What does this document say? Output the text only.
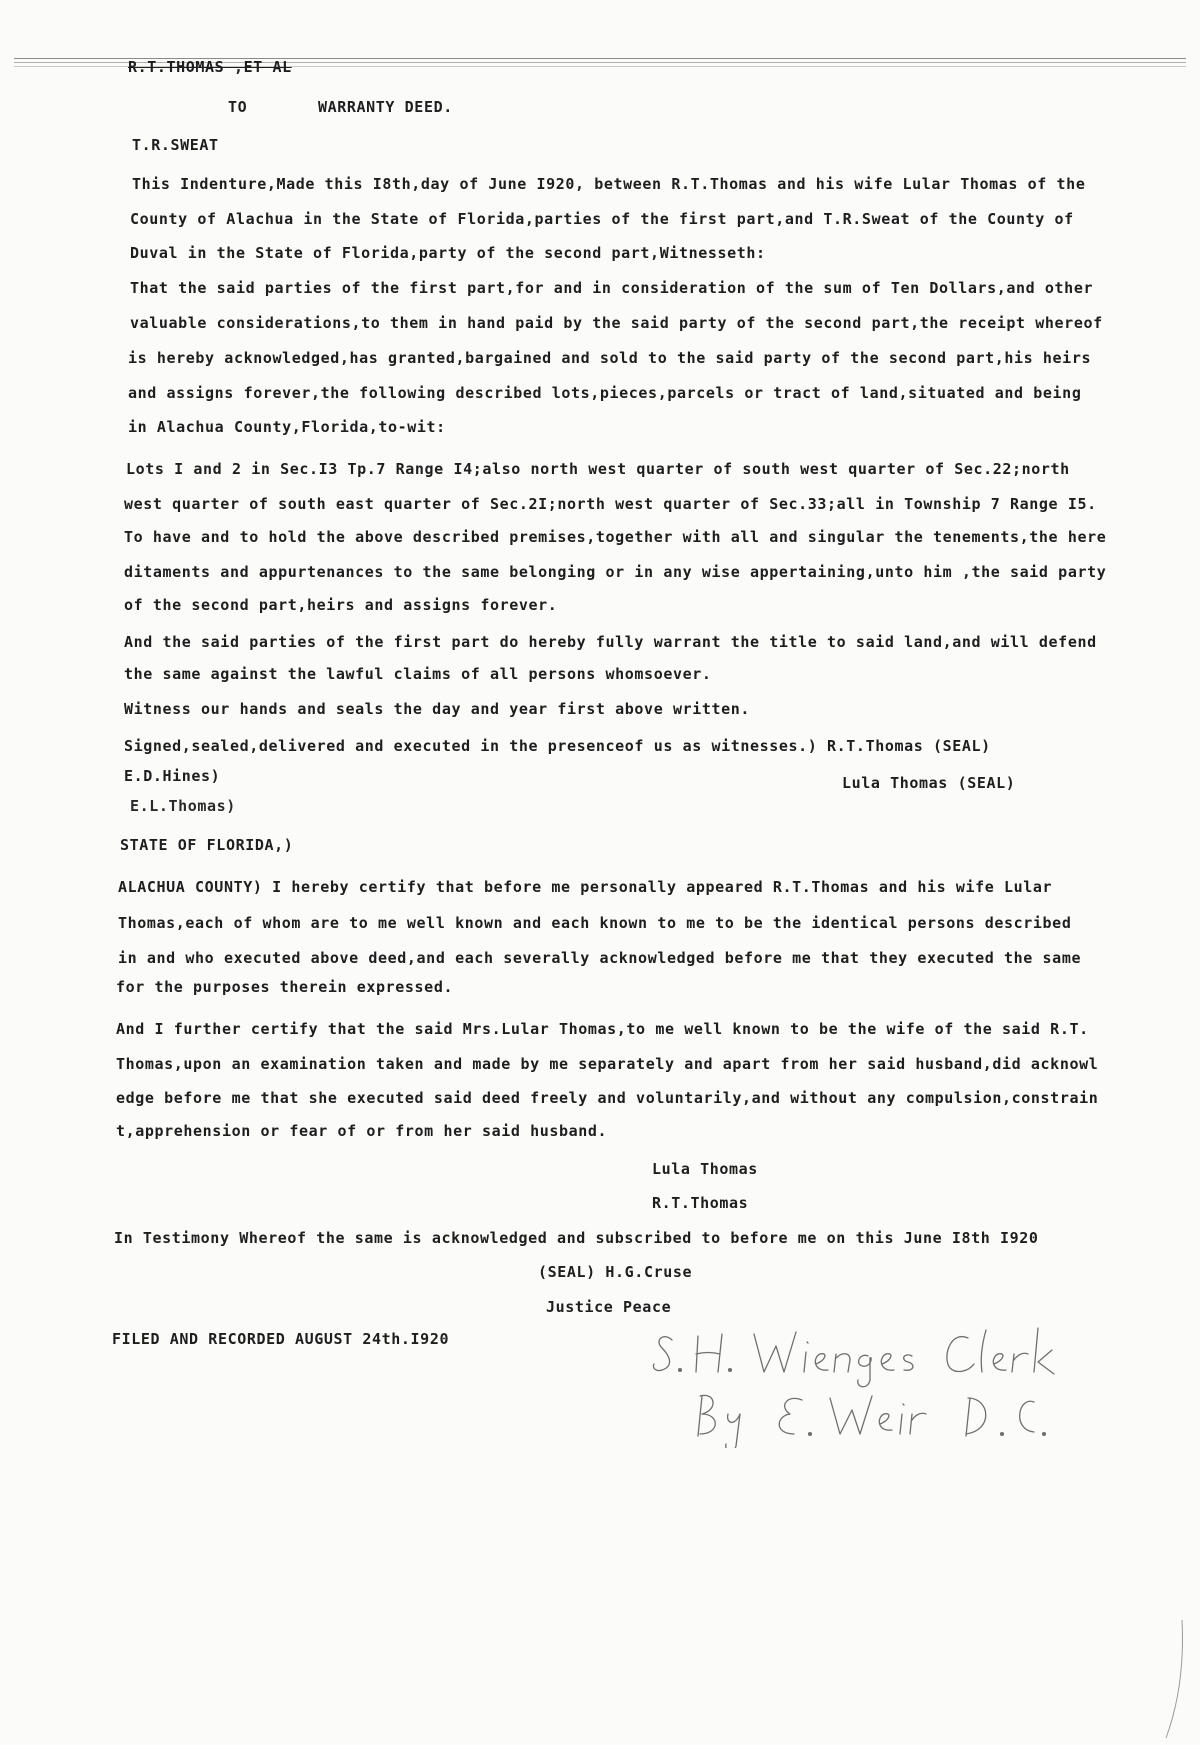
R.T.THOMAS ,ET AL
TO	WARRANTY DEED.
T.R.SWEAT
This Indenture,Made this I8th,day of June I920, between R.T.Thomas and his wife Lular Thomas of the
County of Alachua in the State of Florida,parties of the first part,and T.R.Sweat of the County of
Duval in the State of Florida,party of the second part,Witnesseth:
That the said parties of the first part,for and in consideration of the sum of Ten Dollars,and other
valuable considerations,to them in hand paid by the said party of the second part,the receipt whereof
is hereby acknowledged,has granted,bargained and sold to the said party of the second part,his heirs
and assigns forever,the following described lots,pieces,parcels or tract of land,situated and being
in Alachua County,Florida,to-wit:
Lots I and 2 in Sec.I3 Tp.7 Range I4;also north west quarter of south west quarter of Sec.22;north
west quarter of south east quarter of Sec.2I;north west quarter of Sec.33;all in Township 7 Range I5.
To have and to hold the above described premises,together with all and singular the tenements,the here
ditaments and appurtenances to the same belonging or in any wise appertaining,unto him ,the said party
of the second part,heirs and assigns forever.
And the said parties of the first part do hereby fully warrant the title to said land,and will defend
the same against the lawful claims of all persons whomsoever.
Witness our hands and seals the day and year first above written.
Signed,sealed,delivered and executed in the presenceof us as witnesses.) R.T.Thomas (SEAL)
E.D.Hines)	Lula Thomas (SEAL)
E.L.Thomas)
STATE OF FLORIDA,)
ALACHUA COUNTY) I hereby certify that before me personally appeared R.T.Thomas and his wife Lular
Thomas,each of whom are to me well known and each known to me to be the identical persons described
in and who executed above deed,and each severally acknowledged before me that they executed the same
for the purposes therein expressed.
And I further certify that the said Mrs.Lular Thomas,to me well known to be the wife of the said R.T.
Thomas,upon an examination taken and made by me separately and apart from her said husband,did acknowl
edge before me that she executed said deed freely and voluntarily,and without any compulsion,constrain
t,apprehension or fear of or from her said husband.
Lula Thomas
R.T.Thomas
In Testimony Whereof the same is acknowledged and subscribed to before me on this June I8th I920
(SEAL) H.G.Cruse
Justice Peace
FILED AND RECORDED AUGUST 24th.I920
